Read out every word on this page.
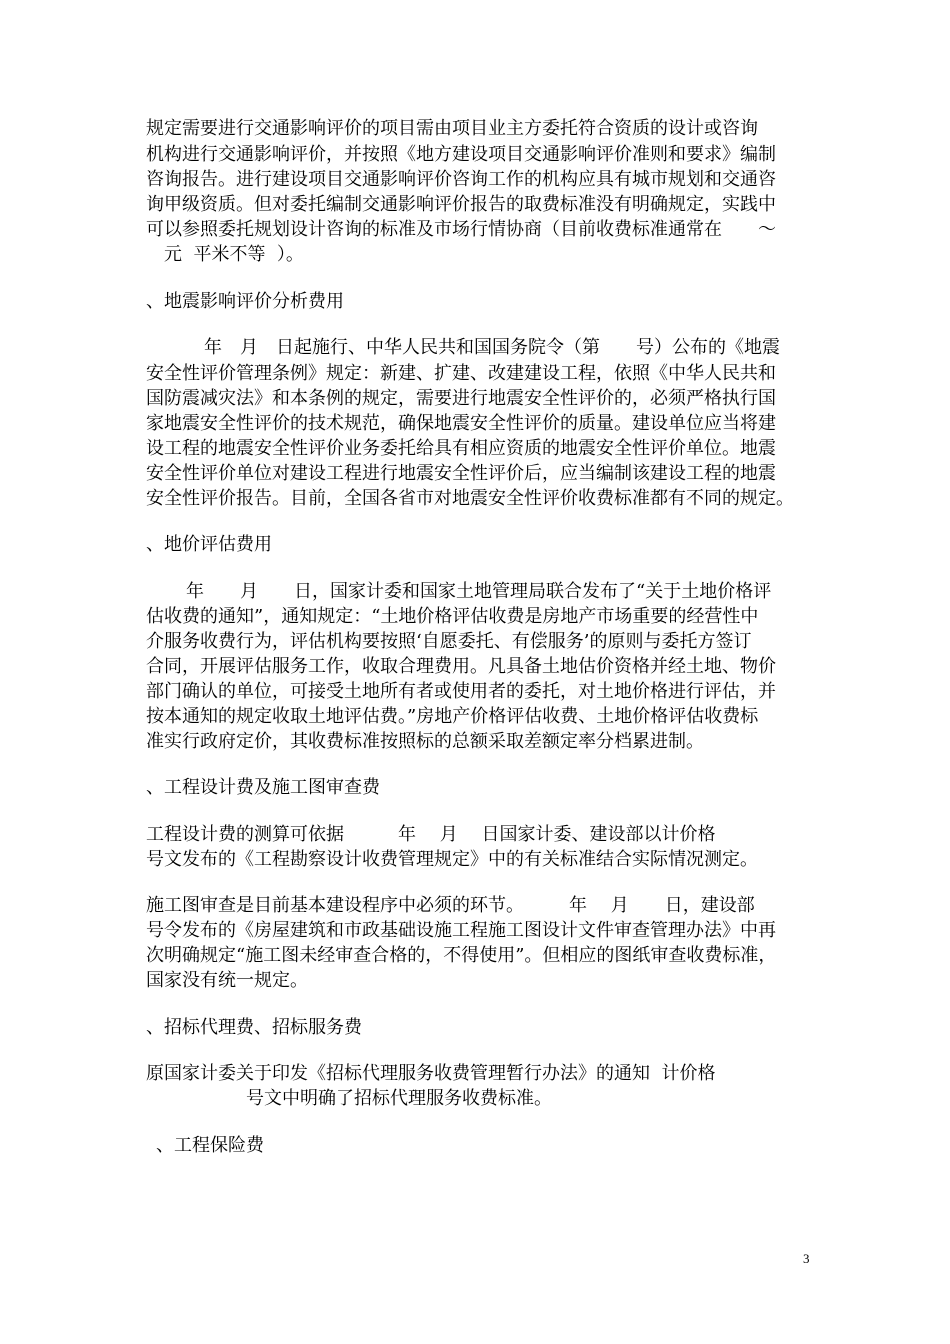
规定需要进行交通影响评价的项目需由项目业主方委托符合资质的设计或咨询

机构进行交通影响评价，并按照《地方建设项目交通影响评价准则和要求》编制

咨询报告。进行建设项目交通影响评价咨询工作的机构应具有城市规划和交通咨

询甲级资质。但对委托编制交通影响评价报告的取费标准没有明确规定，实践中

可以参照委托规划设计咨询的标准及市场行情协商（目前收费标准通常在　　～

　元  平米不等  ）。

、地震影响评价分析费用

　年　月　日起施行、中华人民共和国国务院令（第　　号）公布的《地震

安全性评价管理条例》规定：新建、扩建、改建建设工程，依照《中华人民共和

国防震减灾法》和本条例的规定，需要进行地震安全性评价的，必须严格执行国

家地震安全性评价的技术规范，确保地震安全性评价的质量。建设单位应当将建

设工程的地震安全性评价业务委托给具有相应资质的地震安全性评价单位。地震

安全性评价单位对建设工程进行地震安全性评价后，应当编制该建设工程的地震

安全性评价报告。目前，全国各省市对地震安全性评价收费标准都有不同的规定。

、地价评估费用

年　　月　　日，国家计委和国家土地管理局联合发布了“关于土地价格评

估收费的通知”，通知规定：“土地价格评估收费是房地产市场重要的经营性中

介服务收费行为，评估机构要按照‘自愿委托、有偿服务’的原则与委托方签订

合同，开展评估服务工作，收取合理费用。凡具备土地估价资格并经土地、物价

部门确认的单位，可接受土地所有者或使用者的委托，对土地价格进行评估，并

按本通知的规定收取土地评估费。”房地产价格评估收费、土地价格评估收费标

准实行政府定价，其收费标准按照标的总额采取差额定率分档累进制。

、工程设计费及施工图审查费

工程设计费的测算可依据　　　年　 月　 日国家计委、建设部以计价格

号文发布的《工程勘察设计收费管理规定》中的有关标准结合实际情况测定。

施工图审查是目前基本建设程序中必须的环节。　　　年　 月　　日，建设部

号令发布的《房屋建筑和市政基础设施工程施工图设计文件审查管理办法》中再

次明确规定“施工图未经审查合格的，不得使用”。但相应的图纸审查收费标准，

国家没有统一规定。

、招标代理费、招标服务费

原国家计委关于印发《招标代理服务收费管理暂行办法》的通知  计价格

号文中明确了招标代理服务收费标准。

、工程保险费

3
